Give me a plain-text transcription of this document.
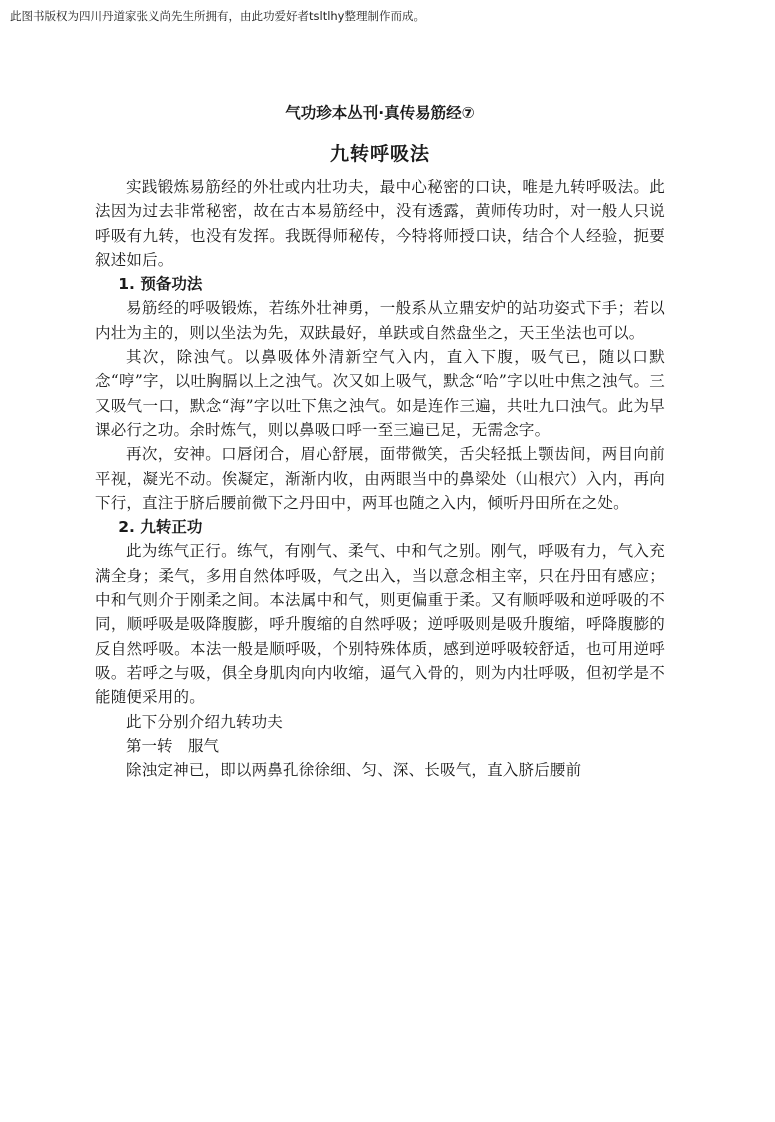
此图书版权为四川丹道家张义尚先生所拥有，由此功爱好者tsltlhy整理制作而成。
气功珍本丛刊·真传易筋经⑦
九转呼吸法

实践锻炼易筋经的外壮或内壮功夫，最中心秘密的口诀，唯是九转呼吸法。此法因为过去非常秘密，故在古本易筋经中，没有透露，黄师传功时，对一般人只说呼吸有九转，也没有发挥。我既得师秘传，今特将师授口诀，结合个人经验，扼要叙述如后。

1. 预备功法

易筋经的呼吸锻炼，若练外壮神勇，一般系从立鼎安炉的站功姿式下手；若以内壮为主的，则以坐法为先，双趺最好，单趺或自然盘坐之，天王坐法也可以。

其次，除浊气。以鼻吸体外清新空气入内，直入下腹，吸气已，随以口默念“哼”字，以吐胸膈以上之浊气。次又如上吸气，默念“哈”字以吐中焦之浊气。三又吸气一口，默念“海”字以吐下焦之浊气。如是连作三遍，共吐九口浊气。此为早课必行之功。余时炼气，则以鼻吸口呼一至三遍已足，无需念字。

再次，安神。口唇闭合，眉心舒展，面带微笑，舌尖轻抵上颚齿间，两目向前平视，凝光不动。俟凝定，渐渐内收，由两眼当中的鼻梁处（山根穴）入内，再向下行，直注于脐后腰前微下之丹田中，两耳也随之入内，倾听丹田所在之处。

2. 九转正功

此为练气正行。练气，有刚气、柔气、中和气之别。刚气，呼吸有力，气入充满全身；柔气，多用自然体呼吸，气之出入，当以意念相主宰，只在丹田有感应；中和气则介于刚柔之间。本法属中和气，则更偏重于柔。又有顺呼吸和逆呼吸的不同，顺呼吸是吸降腹膨，呼升腹缩的自然呼吸；逆呼吸则是吸升腹缩，呼降腹膨的反自然呼吸。本法一般是顺呼吸，个别特殊体质，感到逆呼吸较舒适，也可用逆呼吸。若呼之与吸，俱全身肌肉向内收缩，逼气入骨的，则为内壮呼吸，但初学是不能随便采用的。

此下分别介绍九转功夫

第一转　服气

除浊定神已，即以两鼻孔徐徐细、匀、深、长吸气，直入脐后腰前
